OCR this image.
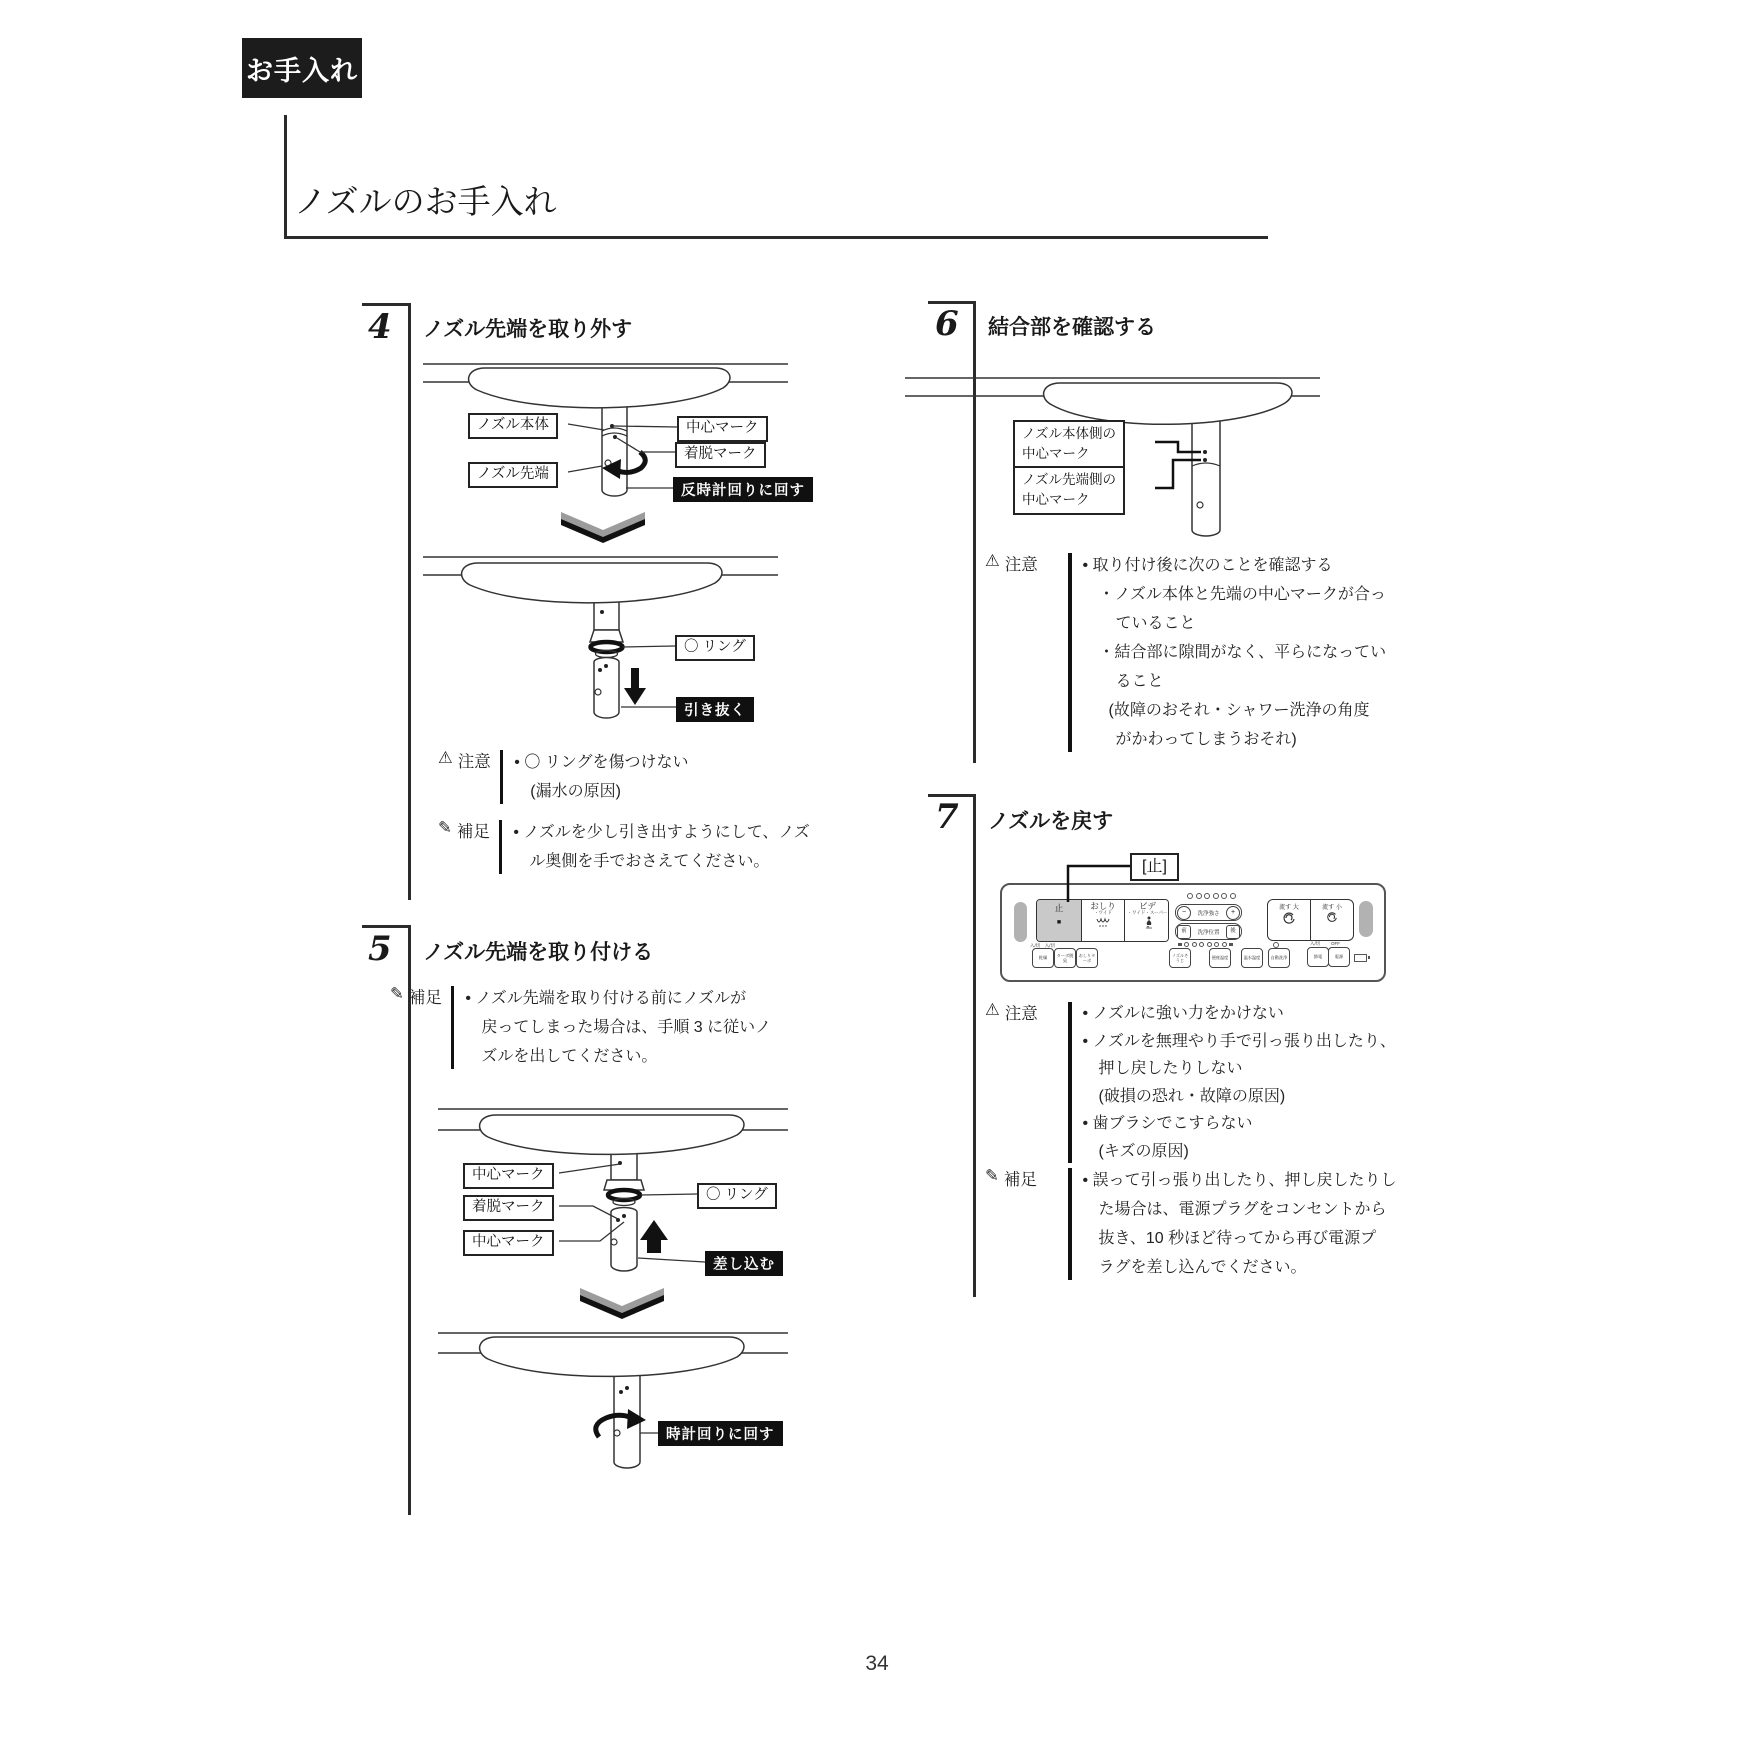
お手入れ
ノズルのお手入れ
4 ノズル先端を取り外す
ノズル本体	中心マーク
着脱マーク
ノズル先端
反時計回りに回す
〇 リング
引き抜く
⚠ 注意 • 〇 リングを傷つけない
(漏水の原因)
✎ 補足 • ノズルを少し引き出すようにして、ノズ
ル奥側を手でおさえてください。
5 ノズル先端を取り付ける
✎ 補足 • ノズル先端を取り付ける前にノズルが
戻ってしまった場合は、手順 3 に従いノ
ズルを出してください。
中心マーク
着脱マーク
中心マーク
〇 リング
差し込む
時計回りに回す
6 結合部を確認する
ノズル本体側の
中心マーク
ノズル先端側の
中心マーク
⚠ 注意	• 取り付け後に次のことを確認する
・ノズル本体と先端の中心マークが合っ
ていること
・結合部に隙間がなく、平らになってい
ること
(故障のおそれ・シャワー洗浄の角度
がかわってしまうおそれ)
7 ノズルを戻す
[止]
止
■
おしり
・ワイド
ビデ
・ワイド・スーパー	−	洗浄強さ	+
前	洗浄位置	後
流す 大	流す 小
入/切　入/切
乾燥
ターボ脱臭
おしりターボ
ノズルそうじ
便座温度	温水温度	自動洗浄
入/切 OFF
節電	電源
⚠ 注意	• ノズルに強い力をかけない
• ノズルを無理やり手で引っ張り出したり、
押し戻したりしない
(破損の恐れ・故障の原因)
• 歯ブラシでこすらない
(キズの原因)
✎ 補足	• 誤って引っ張り出したり、押し戻したりし
た場合は、電源プラグをコンセントから
抜き、10 秒ほど待ってから再び電源プ
ラグを差し込んでください。
34
